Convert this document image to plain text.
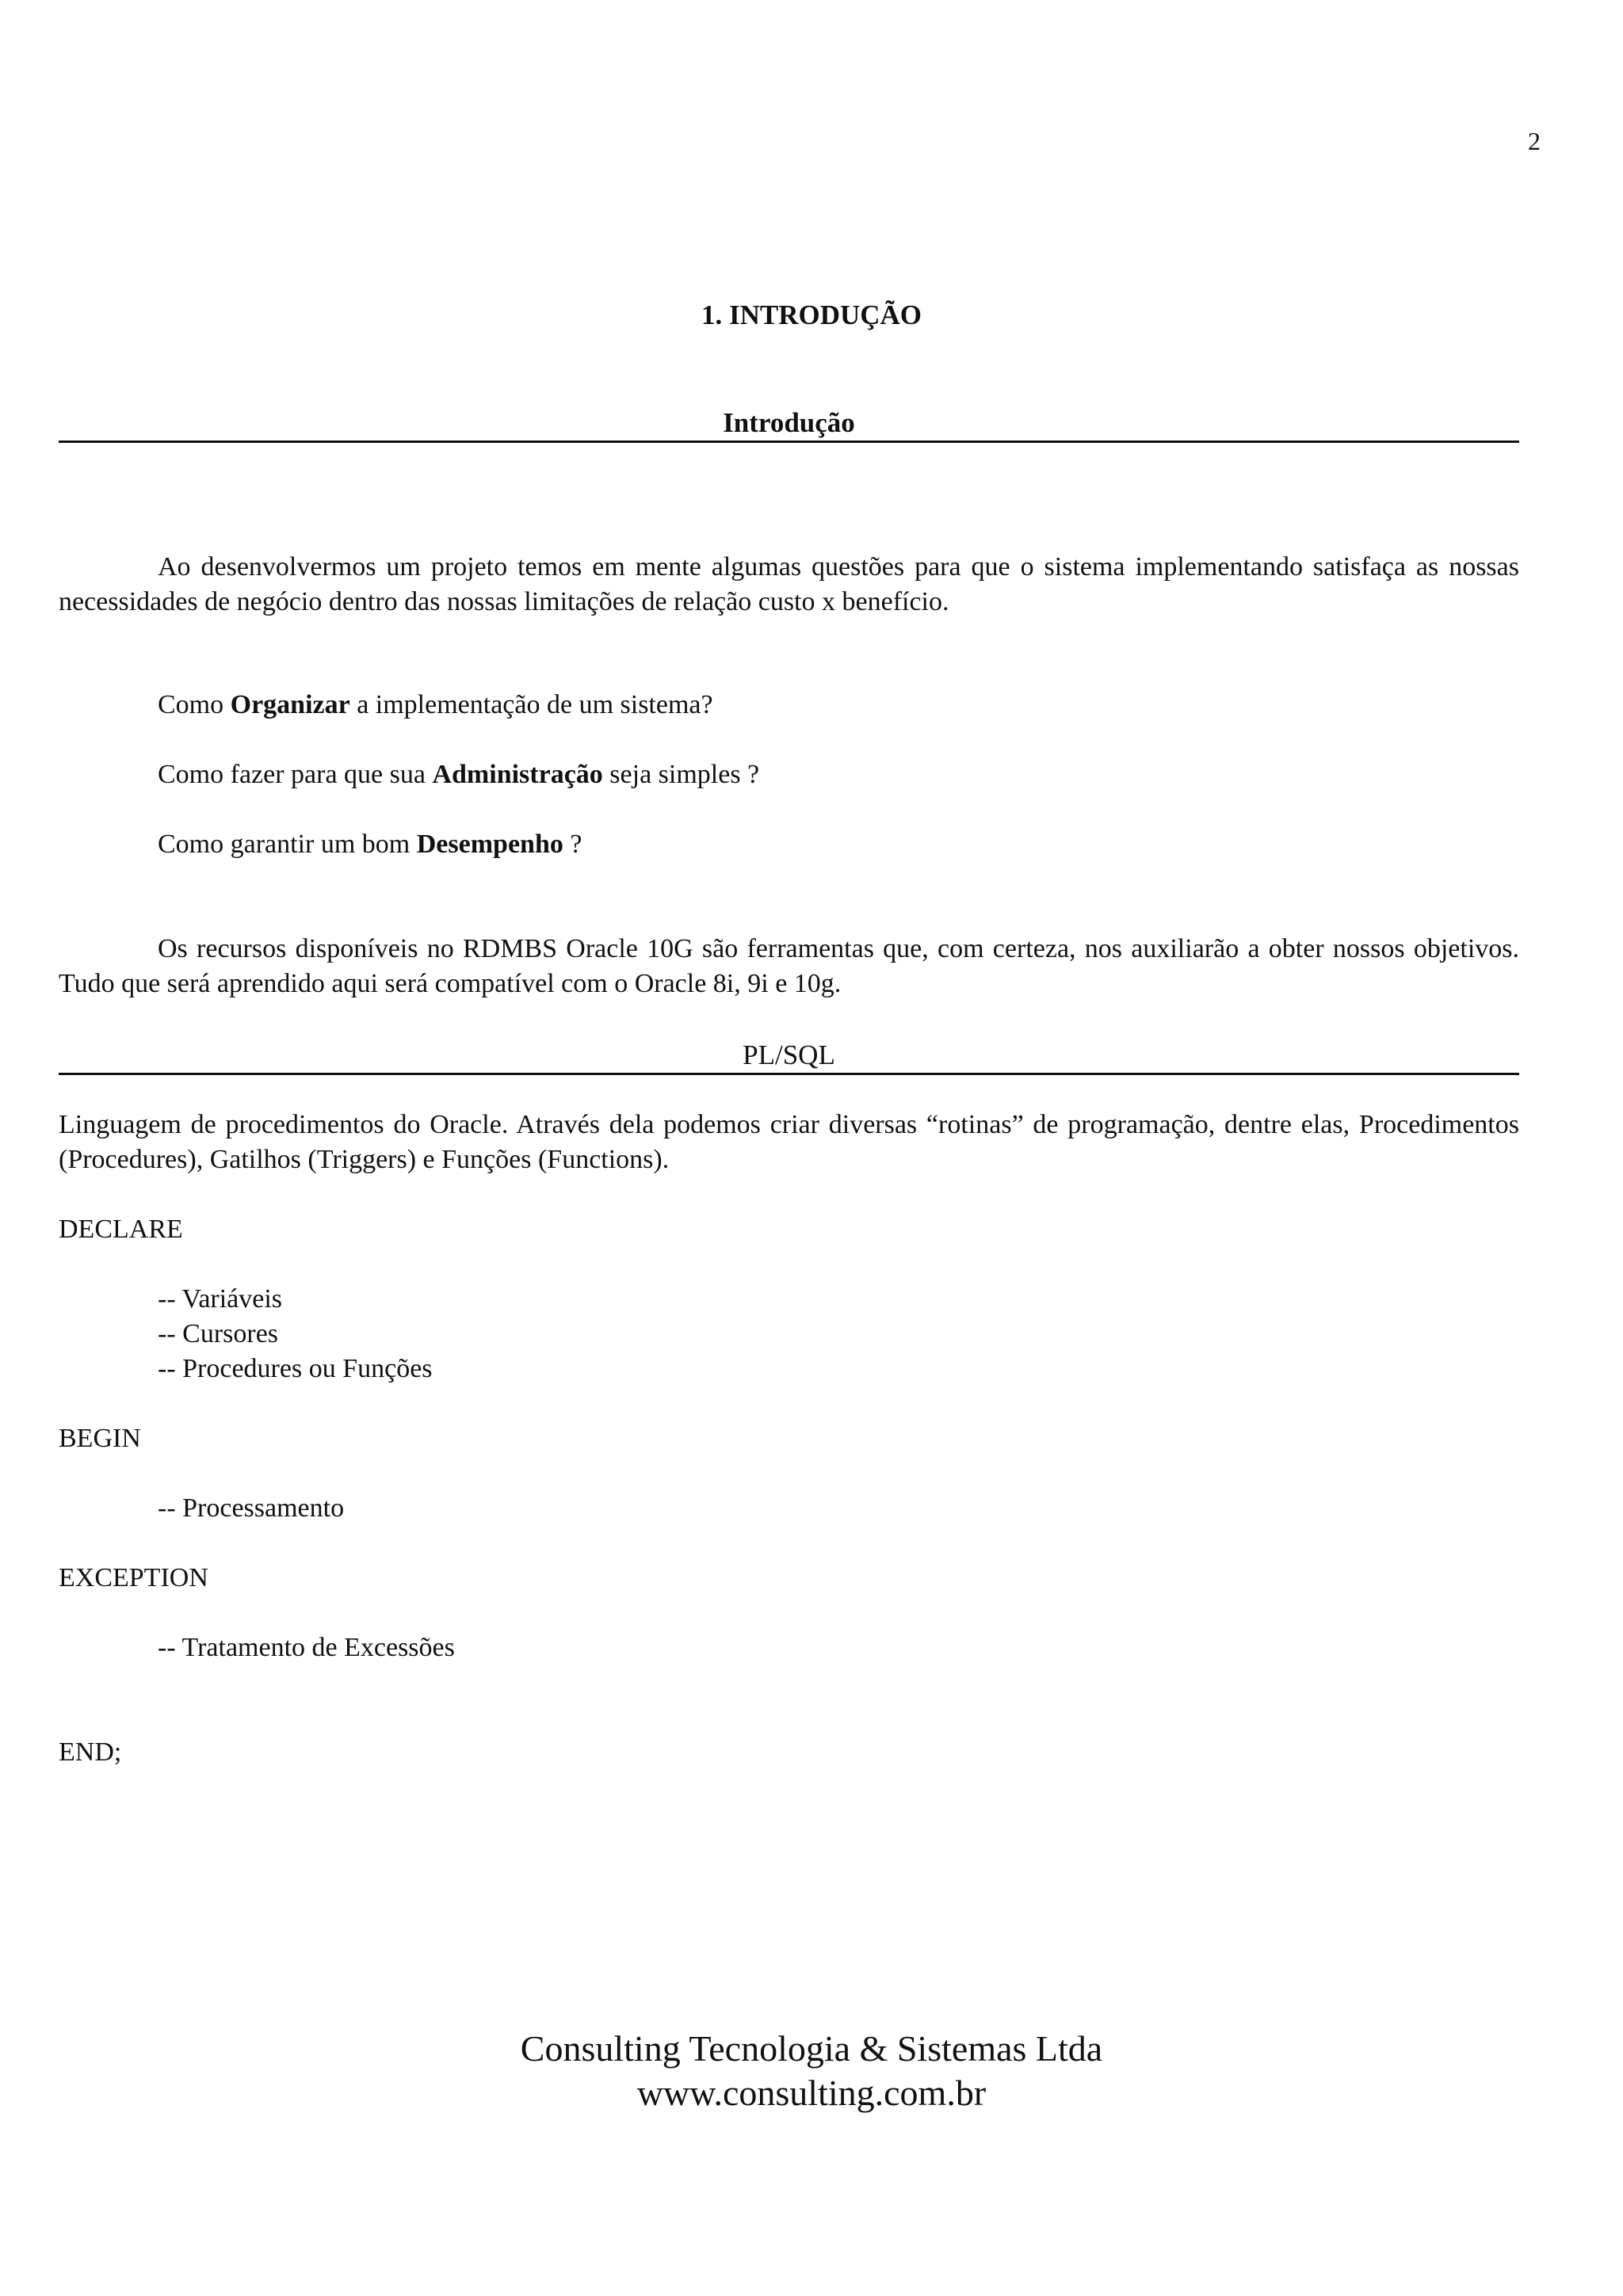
2
1. INTRODUÇÃO
Introdução
Ao desenvolvermos um projeto temos em mente algumas questões para que o sistema implementando satisfaça as nossas necessidades de negócio dentro das nossas limitações de relação custo x benefício.
Como Organizar a implementação de um sistema?
Como fazer para que sua Administração seja simples ?
Como garantir um bom Desempenho ?
Os recursos disponíveis no RDMBS Oracle 10G são ferramentas que, com certeza, nos auxiliarão a obter nossos objetivos. Tudo que será aprendido aqui será compatível com o Oracle 8i, 9i e 10g.
PL/SQL
Linguagem de procedimentos do Oracle. Através dela podemos criar diversas “rotinas” de programação, dentre elas, Procedimentos (Procedures), Gatilhos (Triggers) e Funções (Functions).
DECLARE
-- Variáveis
-- Cursores
-- Procedures ou Funções
BEGIN
-- Processamento
EXCEPTION
-- Tratamento de Excessões
END;
Consulting Tecnologia & Sistemas Ltda
www.consulting.com.br
